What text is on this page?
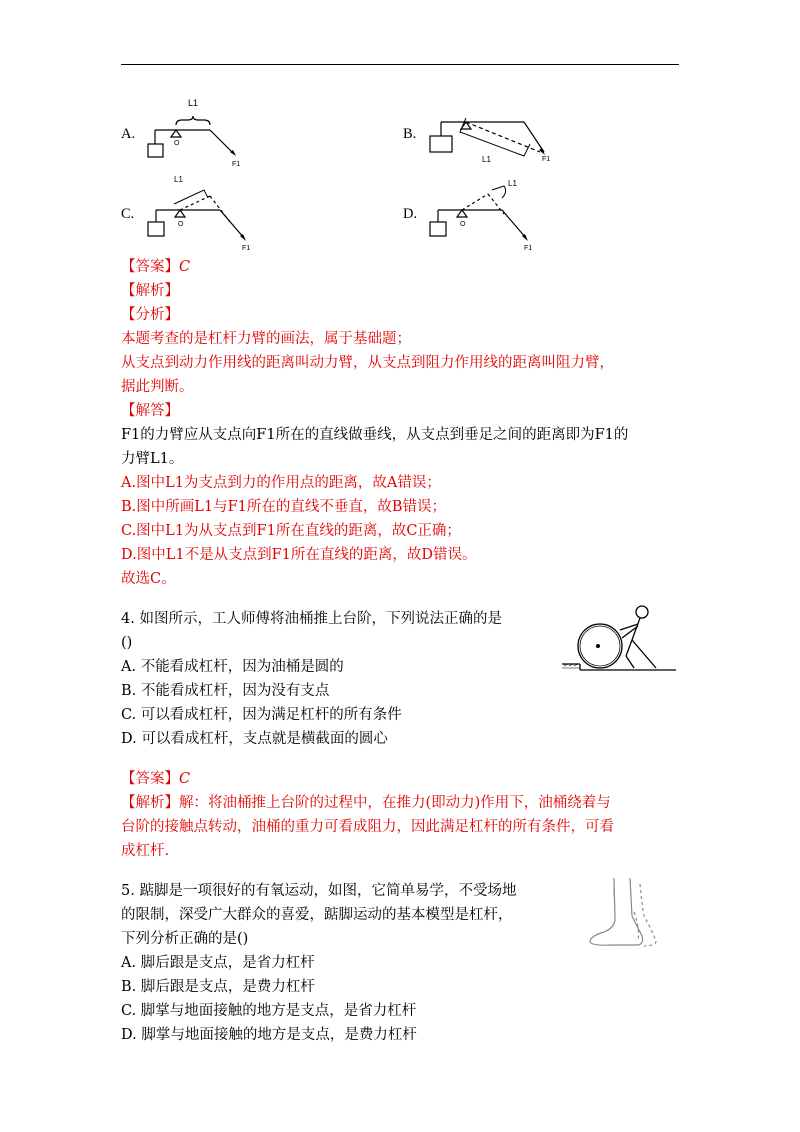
A.
L1
O
F1
B.
L1	F1
C.
L1
O
F1
D.
L1
O
F1
【答案】C
【解析】
【分析】
本题考查的是杠杆力臂的画法，属于基础题；
从支点到动力作用线的距离叫动力臂，从支点到阻力作用线的距离叫阻力臂，
据此判断。
【解答】
F1的力臂应从支点向F1所在的直线做垂线，从支点到垂足之间的距离即为F1的
力臂L1。
A.图中L1为支点到力的作用点的距离，故A错误；
B.图中所画L1与F1所在的直线不垂直，故B错误；
C.图中L1为从支点到F1所在直线的距离，故C正确；
D.图中L1不是从支点到F1所在直线的距离，故D错误。
故选C。
4. 如图所示，工人师傅将油桶推上台阶，下列说法正确的是
()
A. 不能看成杠杆，因为油桶是圆的
B. 不能看成杠杆，因为没有支点
C. 可以看成杠杆，因为满足杠杆的所有条件
D. 可以看成杠杆，支点就是横截面的圆心
【答案】C
【解析】解：将油桶推上台阶的过程中，在推力(即动力)作用下，油桶绕着与
台阶的接触点转动，油桶的重力可看成阻力，因此满足杠杆的所有条件，可看
成杠杆.
5. 踮脚是一项很好的有氧运动，如图，它简单易学，不受场地
的限制，深受广大群众的喜爱，踮脚运动的基本模型是杠杆，
下列分析正确的是()
A. 脚后跟是支点，是省力杠杆
B. 脚后跟是支点，是费力杠杆
C. 脚掌与地面接触的地方是支点，是省力杠杆
D. 脚掌与地面接触的地方是支点，是费力杠杆
